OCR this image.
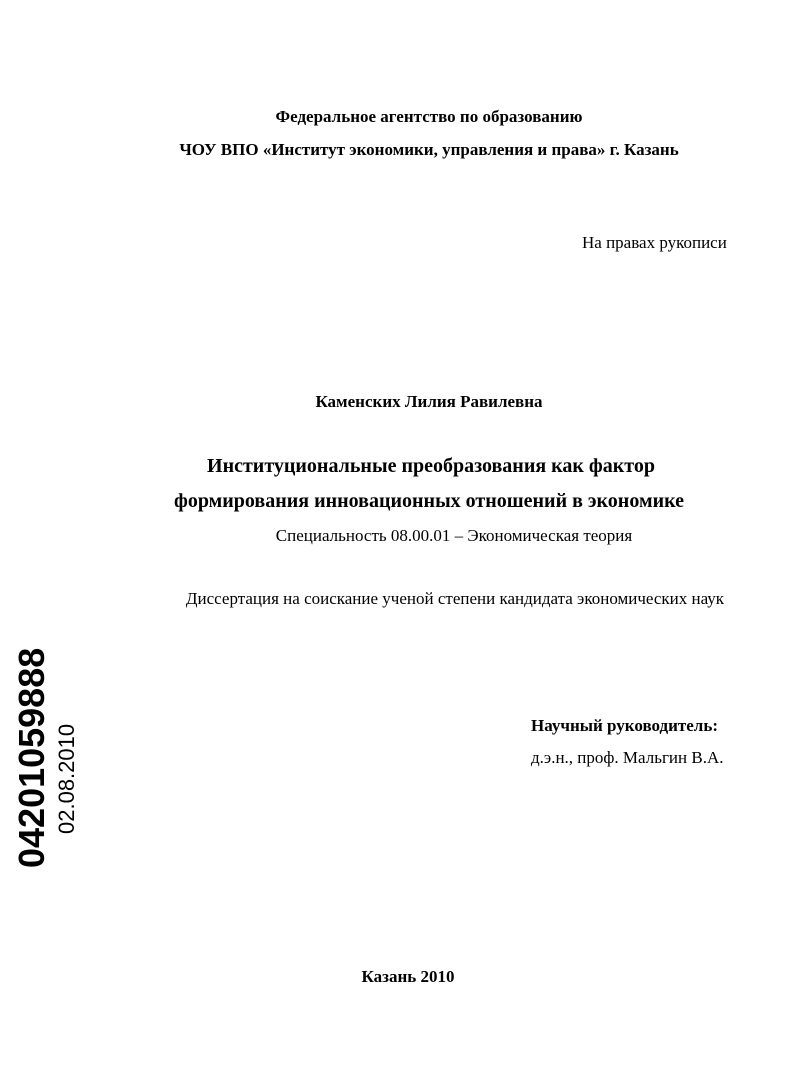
Федеральное агентство по образованию
ЧОУ ВПО «Институт экономики, управления и права» г. Казань
На правах рукописи
Каменских Лилия Равилевна
Институциональные преобразования как фактор
формирования инновационных отношений в экономике
Специальность 08.00.01 – Экономическая теория
Диссертация на соискание ученой степени кандидата экономических наук
Научный руководитель:
д.э.н., проф. Мальгин В.А.
Казань 2010
04201059888 02.08.2010
